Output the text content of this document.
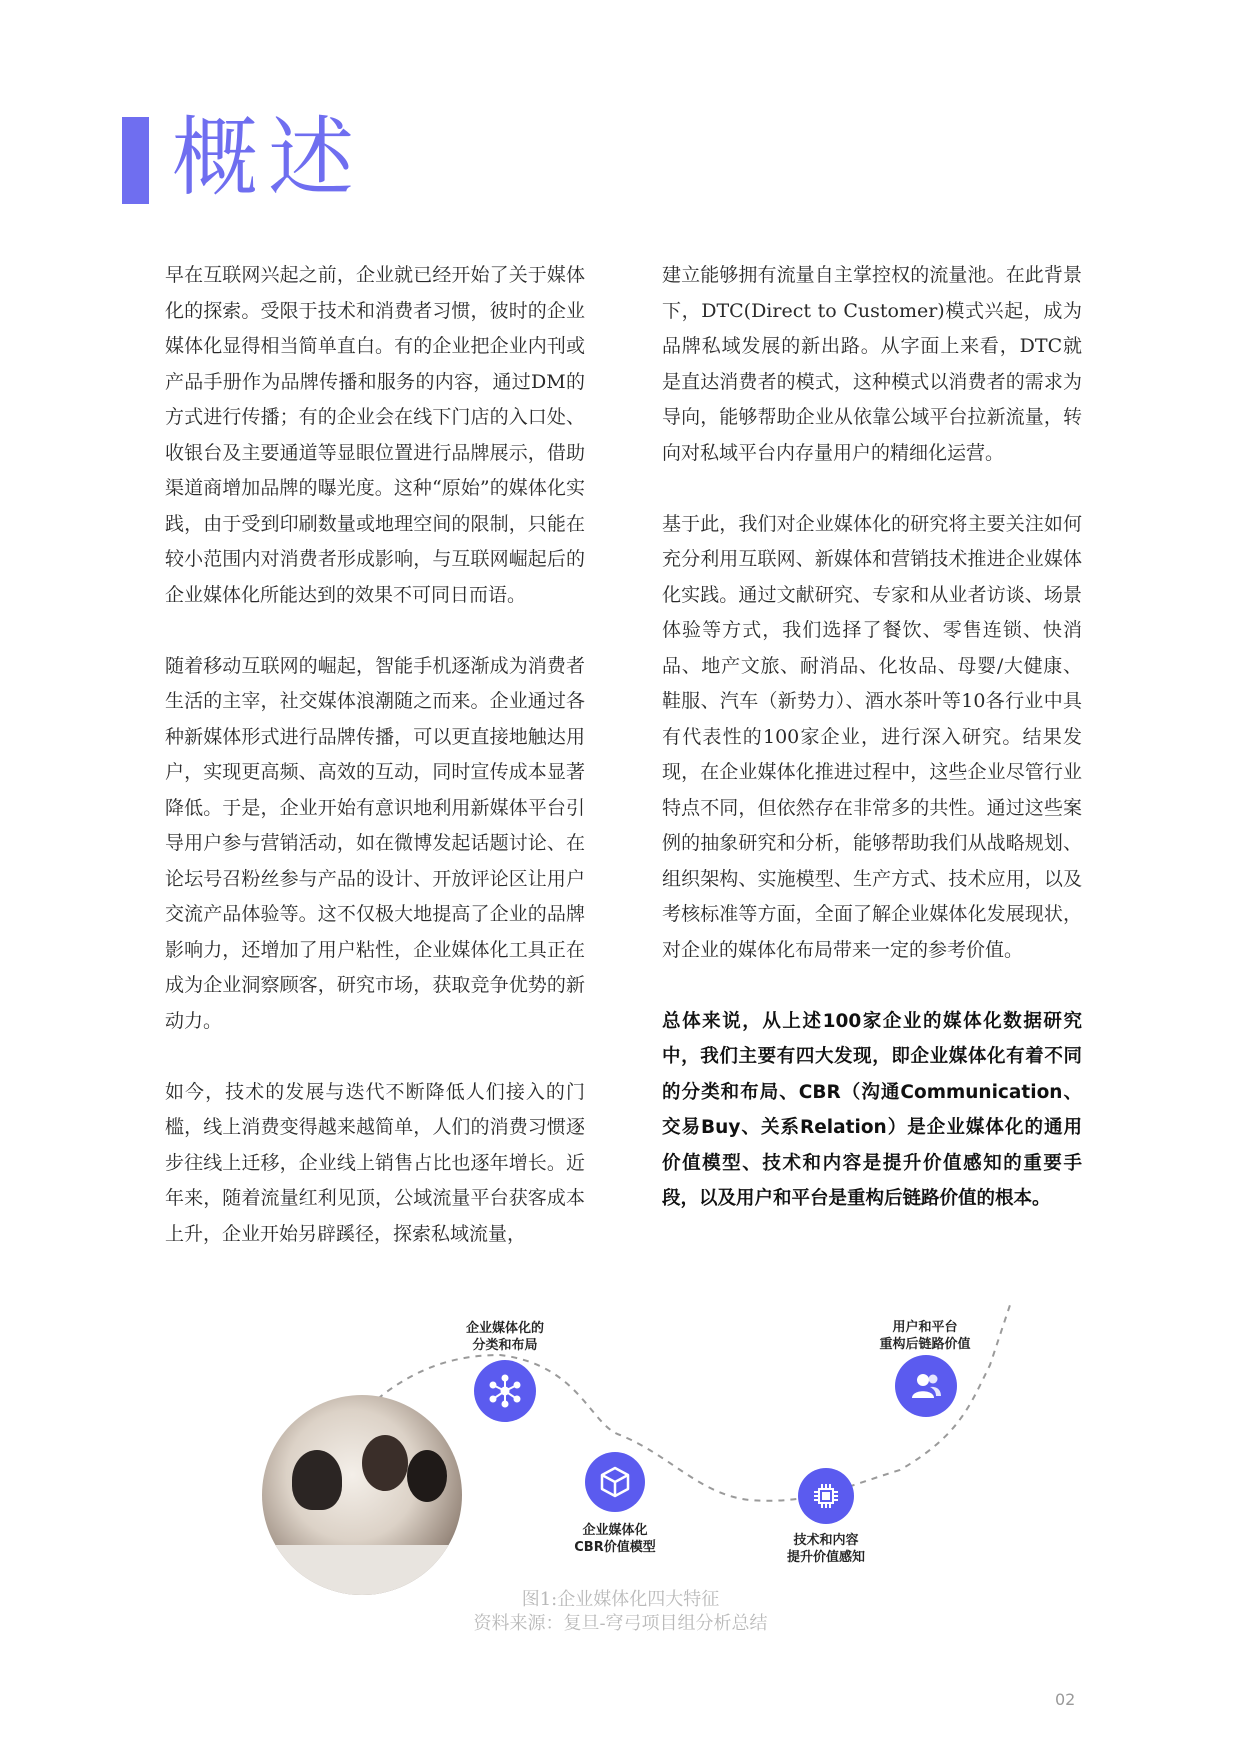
概述

早在互联网兴起之前，企业就已经开始了关于媒体化的探索。受限于技术和消费者习惯，彼时的企业媒体化显得相当简单直白。有的企业把企业内刊或产品手册作为品牌传播和服务的内容，通过DM的方式进行传播；有的企业会在线下门店的入口处、收银台及主要通道等显眼位置进行品牌展示，借助渠道商增加品牌的曝光度。这种“原始”的媒体化实践，由于受到印刷数量或地理空间的限制，只能在较小范围内对消费者形成影响，与互联网崛起后的企业媒体化所能达到的效果不可同日而语。

随着移动互联网的崛起，智能手机逐渐成为消费者生活的主宰，社交媒体浪潮随之而来。企业通过各种新媒体形式进行品牌传播，可以更直接地触达用户，实现更高频、高效的互动，同时宣传成本显著降低。于是，企业开始有意识地利用新媒体平台引导用户参与营销活动，如在微博发起话题讨论、在论坛号召粉丝参与产品的设计、开放评论区让用户交流产品体验等。这不仅极大地提高了企业的品牌影响力，还增加了用户粘性，企业媒体化工具正在成为企业洞察顾客，研究市场，获取竞争优势的新动力。

如今，技术的发展与迭代不断降低人们接入的门槛，线上消费变得越来越简单，人们的消费习惯逐步往线上迁移，企业线上销售占比也逐年增长。近年来，随着流量红利见顶，公域流量平台获客成本上升，企业开始另辟蹊径，探索私域流量，

建立能够拥有流量自主掌控权的流量池。在此背景下，DTC(Direct to Customer)模式兴起，成为品牌私域发展的新出路。从字面上来看，DTC就是直达消费者的模式，这种模式以消费者的需求为导向，能够帮助企业从依靠公域平台拉新流量，转向对私域平台内存量用户的精细化运营。

基于此，我们对企业媒体化的研究将主要关注如何充分利用互联网、新媒体和营销技术推进企业媒体化实践。通过文献研究、专家和从业者访谈、场景体验等方式，我们选择了餐饮、零售连锁、快消品、地产文旅、耐消品、化妆品、母婴/大健康、鞋服、汽车（新势力）、酒水茶叶等10各行业中具有代表性的100家企业，进行深入研究。结果发现，在企业媒体化推进过程中，这些企业尽管行业特点不同，但依然存在非常多的共性。通过这些案例的抽象研究和分析，能够帮助我们从战略规划、组织架构、实施模型、生产方式、技术应用，以及考核标准等方面，全面了解企业媒体化发展现状，对企业的媒体化布局带来一定的参考价值。

总体来说，从上述100家企业的媒体化数据研究中，我们主要有四大发现，即企业媒体化有着不同的分类和布局、CBR（沟通Communication、交易Buy、关系Relation）是企业媒体化的通用价值模型、技术和内容是提升价值感知的重要手段，以及用户和平台是重构后链路价值的根本。

企业媒体化的
分类和布局
企业媒体化
CBR价值模型	技术和内容
提升价值感知
用户和平台
重构后链路价值
图1:企业媒体化四大特征
资料来源：复旦-穹弓项目组分析总结
02
